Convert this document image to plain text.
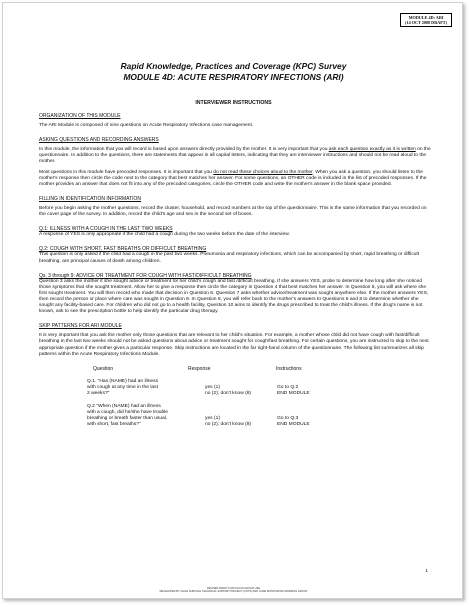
MODULE 4D: ARI
(14 OCT 2008 DRAFT)
Rapid Knowledge, Practices and Coverage (KPC) Survey
MODULE 4D: ACUTE RESPIRATORY INFECTIONS (ARI)
INTERVIEWER INSTRUCTIONS
ORGANIZATION OF THIS MODULE

The ARI Module is composed of nine questions on Acute Respiratory Infections case management.

ASKING QUESTIONS AND RECORDING ANSWERS

In this module, the information that you will record is based upon answers directly provided by the mother. It is very important that you ask each question exactly as it is written on the questionnaire. In addition to the questions, there are statements that appear in all capital letters, indicating that they are interviewer instructions and should not be read aloud to the mother.

Most questions in this module have precoded responses. It is important that you do not read these choices aloud to the mother. When you ask a question, you should listen to the mother's response then circle the code next to the category that best matches her answer. For some questions, an OTHER code is included in the list of precoded responses. If the mother provides an answer that does not fit into any of the precoded categories, circle the OTHER code and write the mother's answer in the blank space provided.

FILLING IN IDENTIFICATION INFORMATION

Before you begin asking the mother questions, record the cluster, household, and record numbers at the top of the questionnaire. This is the same information that you recorded on the cover page of the survey. In addition, record the child's age and sex in the second set of boxes.

Q.1: ILLNESS WITH A COUGH IN THE LAST TWO WEEKS

A response of YES is only appropriate if the child had a cough during the two weeks before the date of the interview.

Q.2: COUGH WITH SHORT, FAST BREATHS OR DIFFICULT BREATHING

This question is only asked if the child had a cough in the past two weeks. Pneumonia and respiratory infections, which can be accompanied by short, rapid breathing or difficult breathing, are principal causes of death among children.

Qs. 3 through 9: ADVICE OR TREATMENT FOR COUGH WITH FAST/DIFFICULT BREATHING

Question 3 asks the mother if she sought advice or treatment for her child's cough and fast /difficult breathing. If she answers YES, probe to determine how long after she noticed those symptoms that she sought treatment. Allow her to give a response then circle the category in Question 4 that best matches her answer. In Question 5, you will ask where she first sought treatment. You will then record who made that decision in Question 6. Question 7 asks whether advice/treatment was sought anywhere else. If the mother answers YES, then record the person or place where care was sought in Question 8. In Question 8, you will refer back to the mother's answers to Questions 5 and 8 to determine whether she sought any facility-based care. For children who did not go to a health facility, Question 10 aims to identify the drugs prescribed to treat the child's illness. If the drug's name is not known, ask to see the prescription bottle to help identify the particular drug therapy.

SKIP PATTERNS FOR ARI MODULE

It is very important that you ask the mother only those questions that are relevant to her child's situation. For example, a mother whose child did not have cough with fast/difficult breathing in the last two weeks should not be asked questions about advice or treatment sought for cough/fast breathing. For certain questions, you are instructed to skip to the next appropriate question if the mother gives a particular response. Skip instructions are located in the far right-hand column of the questionnaire. The following list summarizes all skip patterns within the Acute Respiratory Infections Module.

Question	Response	Instructions
Q.1. "Has (NAME) had an illness
with cough at any time in the last
2 weeks?"
yes (1)
no (2); don't know (8)
Go to Q.2
END MODULE
Q.2 "When (NAME) had an illness
with a cough, did he/she have trouble
breathing or breath faster than usual,
with short, fast breaths?"
yes (1)
no (2); don't know (8)
Go to Q.3
END MODULE
1
REVISED DRAFT FOR FOCUS GROUP USE
DEVELOPED BY CHILD SURVIVAL TECHNICAL SUPPORT PROJECT (CSTS) AND CORE MONITORING WORKING GROUP
